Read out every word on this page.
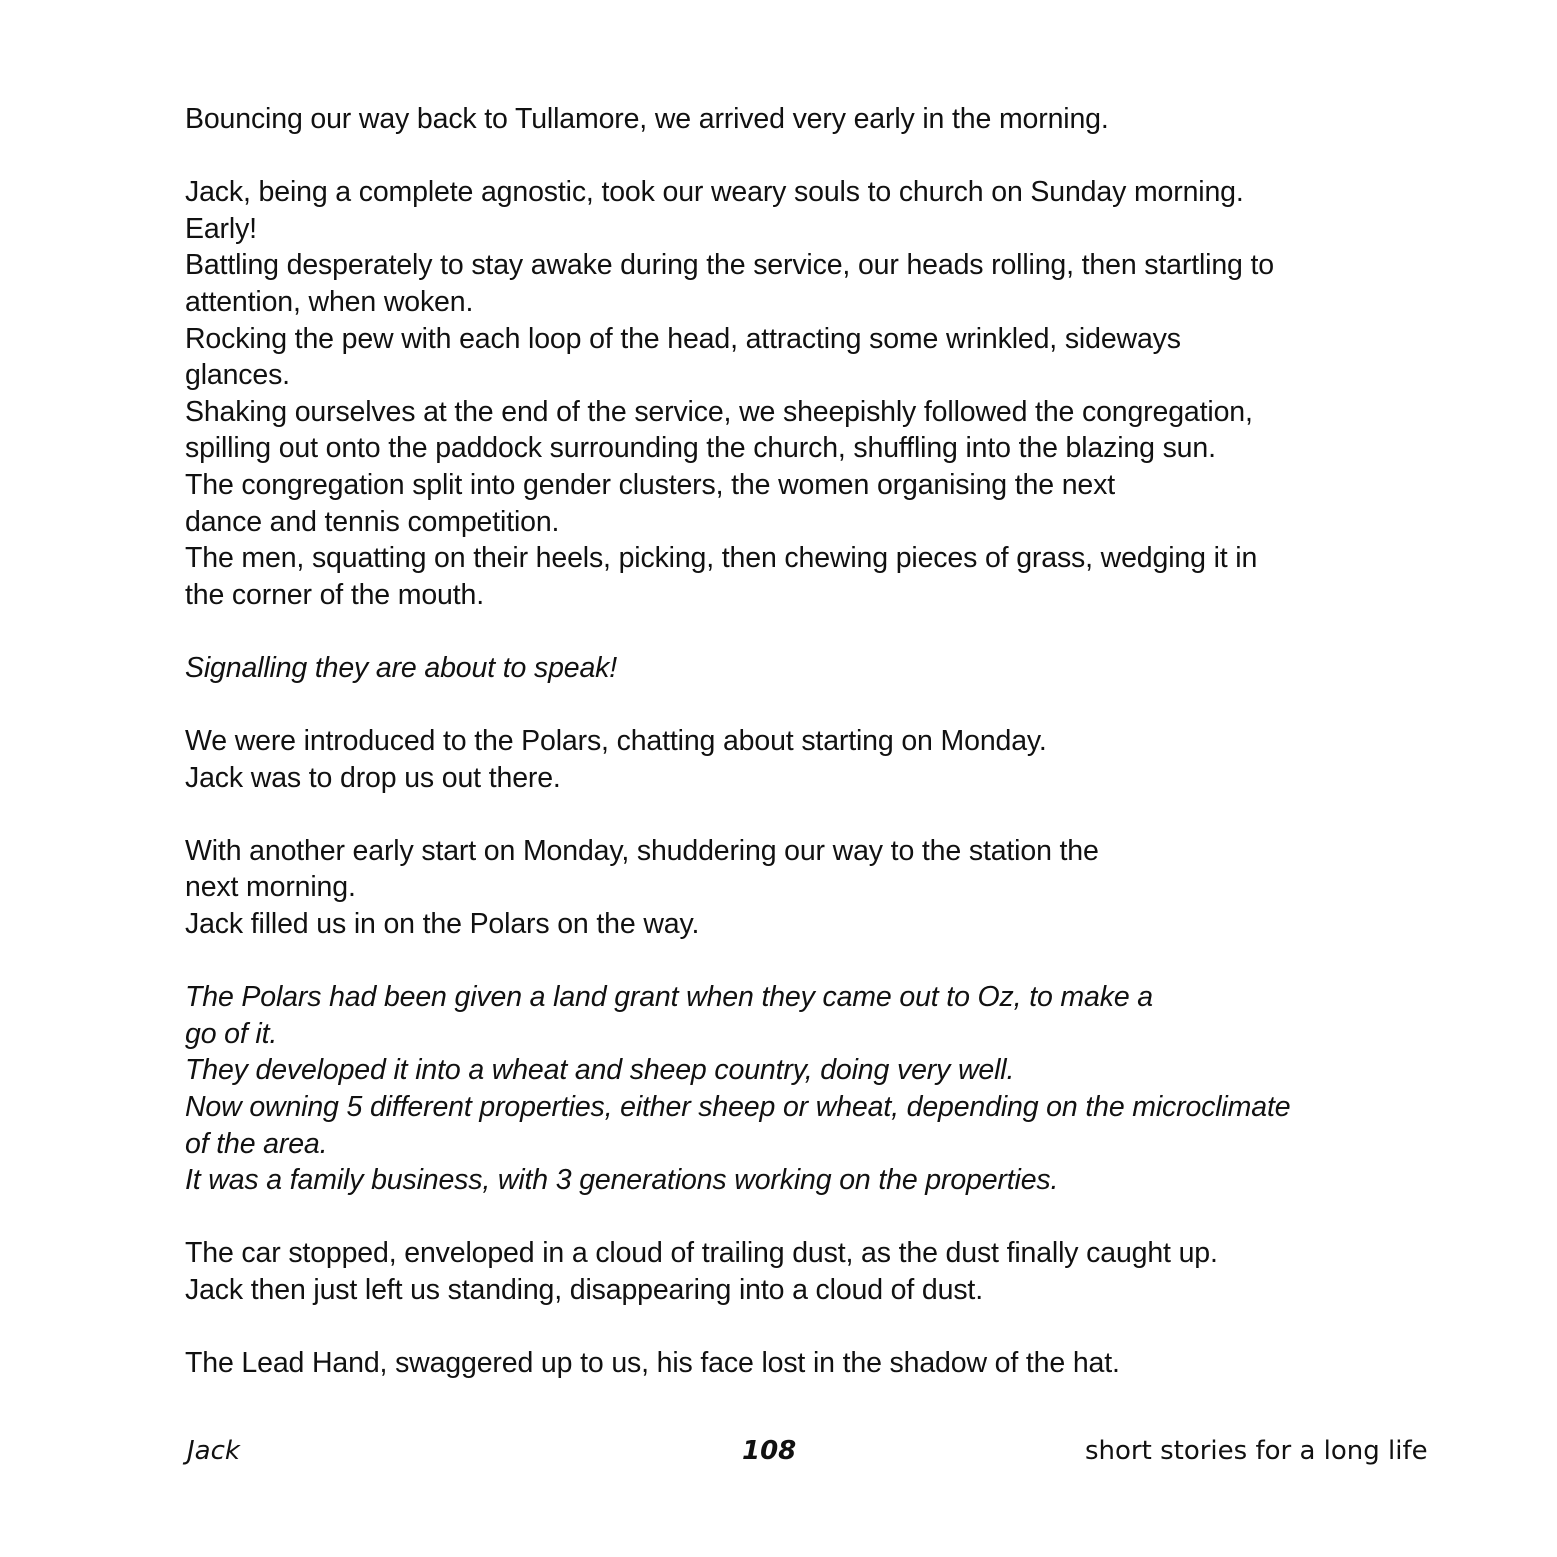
Bouncing our way back to Tullamore, we arrived very early in the morning.
Jack, being a complete agnostic, took our weary souls to church on Sunday morning.
Early!
Battling desperately to stay awake during the service, our heads rolling, then startling to
attention, when woken.
Rocking the pew with each loop of the head, attracting some wrinkled, sideways
glances.
Shaking ourselves at the end of the service, we sheepishly followed the congregation,
spilling out onto the paddock surrounding the church, shuffling into the blazing sun.
The congregation split into gender clusters, the women organising the next
dance and tennis competition.
The men, squatting on their heels, picking, then chewing pieces of grass, wedging it in
the corner of the mouth.
Signalling they are about to speak!
We were introduced to the Polars, chatting about starting on Monday.
Jack was to drop us out there.
With another early start on Monday, shuddering our way to the station the
next morning.
Jack filled us in on the Polars on the way.
The Polars had been given a land grant when they came out to Oz, to make a
go of it.
They developed it into a wheat and sheep country, doing very well.
Now owning 5 different properties, either sheep or wheat, depending on the microclimate
of the area.
It was a family business, with 3 generations working on the properties.
The car stopped, enveloped in a cloud of trailing dust, as the dust finally caught up.
Jack then just left us standing, disappearing into a cloud of dust.
The Lead Hand, swaggered up to us, his face lost in the shadow of the hat.
Jack	108	short stories for a long life
